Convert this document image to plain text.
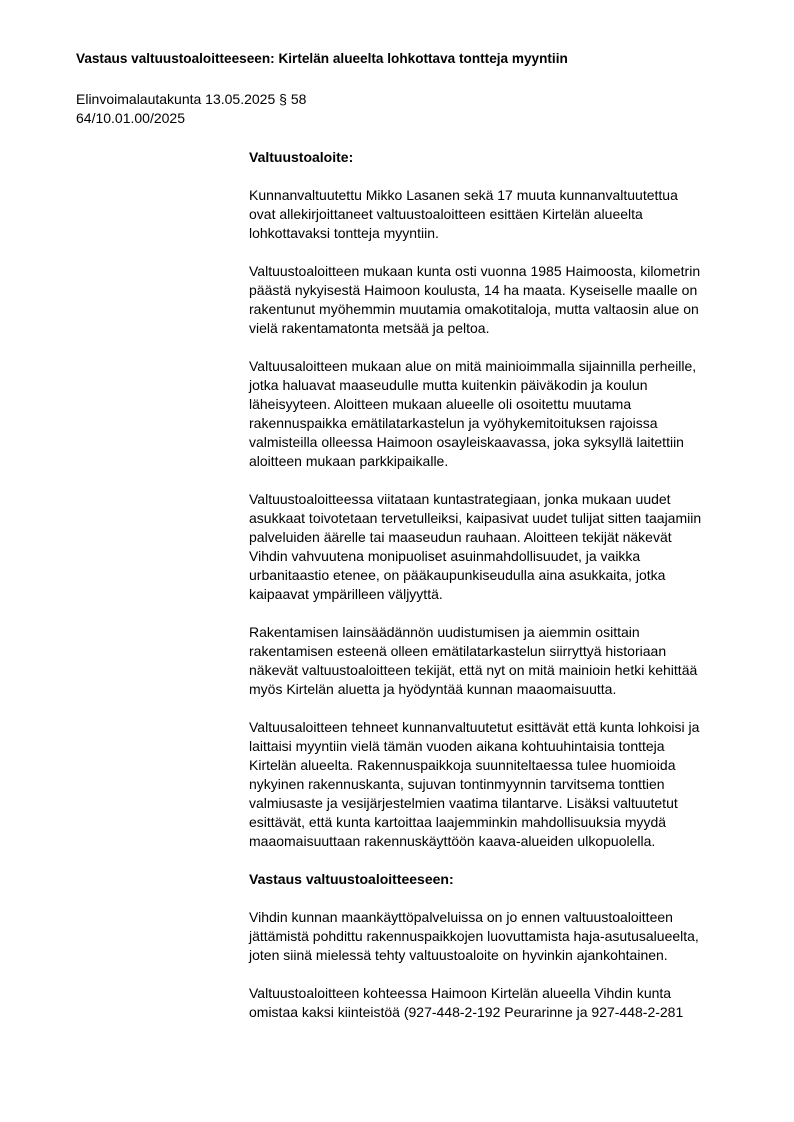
Vastaus valtuustoaloitteeseen: Kirtelän alueelta lohkottava tontteja myyntiin
Elinvoimalautakunta 13.05.2025 § 58
64/10.01.00/2025
Valtuustoaloite:
Kunnanvaltuutettu Mikko Lasanen sekä 17 muuta kunnanvaltuutettua
ovat allekirjoittaneet valtuustoaloitteen esittäen Kirtelän alueelta
lohkottavaksi tontteja myyntiin.
Valtuustoaloitteen mukaan kunta osti vuonna 1985 Haimoosta, kilometrin
päästä nykyisestä Haimoon koulusta, 14 ha maata. Kyseiselle maalle on
rakentunut myöhemmin muutamia omakotitaloja, mutta valtaosin alue on
vielä rakentamatonta metsää ja peltoa.
Valtuusaloitteen mukaan alue on mitä mainioimmalla sijainnilla perheille,
jotka haluavat maaseudulle mutta kuitenkin päiväkodin ja koulun
läheisyyteen. Aloitteen mukaan alueelle oli osoitettu muutama
rakennuspaikka emätilatarkastelun ja vyöhykemitoituksen rajoissa
valmisteilla olleessa Haimoon osayleiskaavassa, joka syksyllä laitettiin
aloitteen mukaan parkkipaikalle.
Valtuustoaloitteessa viitataan kuntastrategiaan, jonka mukaan uudet
asukkaat toivotetaan tervetulleiksi, kaipasivat uudet tulijat sitten taajamiin
palveluiden äärelle tai maaseudun rauhaan. Aloitteen tekijät näkevät
Vihdin vahvuutena monipuoliset asuinmahdollisuudet, ja vaikka
urbanitaastio etenee, on pääkaupunkiseudulla aina asukkaita, jotka
kaipaavat ympärilleen väljyyttä.
Rakentamisen lainsäädännön uudistumisen ja aiemmin osittain
rakentamisen esteenä olleen emätilatarkastelun siirryttyä historiaan
näkevät valtuustoaloitteen tekijät, että nyt on mitä mainioin hetki kehittää
myös Kirtelän aluetta ja hyödyntää kunnan maaomaisuutta.
Valtuusaloitteen tehneet kunnanvaltuutetut esittävät että kunta lohkoisi ja
laittaisi myyntiin vielä tämän vuoden aikana kohtuuhintaisia tontteja
Kirtelän alueelta. Rakennuspaikkoja suunniteltaessa tulee huomioida
nykyinen rakennuskanta, sujuvan tontinmyynnin tarvitsema tonttien
valmiusaste ja vesijärjestelmien vaatima tilantarve. Lisäksi valtuutetut
esittävät, että kunta kartoittaa laajemminkin mahdollisuuksia myydä
maaomaisuuttaan rakennuskäyttöön kaava-alueiden ulkopuolella.
Vastaus valtuustoaloitteeseen:
Vihdin kunnan maankäyttöpalveluissa on jo ennen valtuustoaloitteen
jättämistä pohdittu rakennuspaikkojen luovuttamista haja-asutusalueelta,
joten siinä mielessä tehty valtuustoaloite on hyvinkin ajankohtainen.
Valtuustoaloitteen kohteessa Haimoon Kirtelän alueella Vihdin kunta
omistaa kaksi kiinteistöä (927-448-2-192 Peurarinne ja 927-448-2-281
